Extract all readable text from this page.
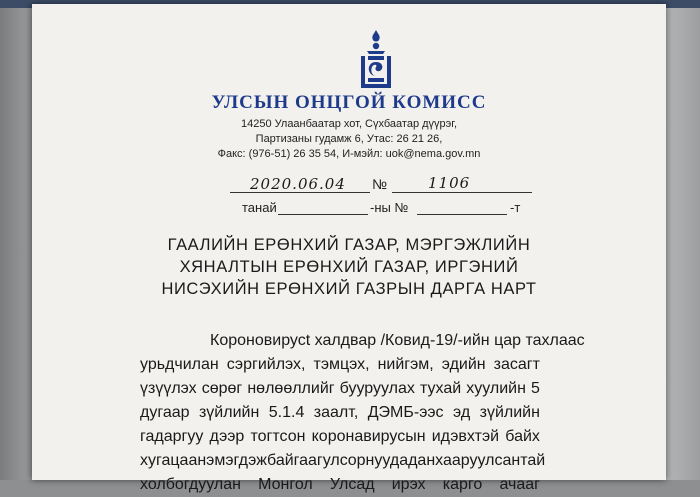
УЛСЫН ОНЦГОЙ КОМИСС
14250 Улаанбаатар хот, Сүхбаатар дүүрэг,
Партизаны гудамж 6, Утас: 26 21 26,
Факс: (976-51) 26 35 54, И-мэйл: uok@nema.gov.mn
2020.06.04 №	1106
танай	-ны №	-т
ГААЛИЙН ЕРӨНХИЙ ГАЗАР, МЭРГЭЖЛИЙН
ХЯНАЛТЫН ЕРӨНХИЙ ГАЗАР, ИРГЭНИЙ
НИСЭХИЙН ЕРӨНХИЙ ГАЗРЫН ДАРГА НАРТ
Короновирусt халдвар /Ковид-19/-ийн цар тахлаас
урьдчилан сэргийлэх, тэмцэх, нийгэм, эдийн засагт
үзүүлэх сөрөг нөлөөллийг бууруулах тухай хуулийн 5
дугаар зүйлийн 5.1.4 заалт, ДЭМБ-ээс эд зүйлийн
гадаргуу дээр тогтсон коронавирусын идэвхтэй байх
хугацаа нэмэгдэж байгааг улс орнуудад анхааруулсантай
холбогдуулан Монгол Улсад ирэх карго ачааг
